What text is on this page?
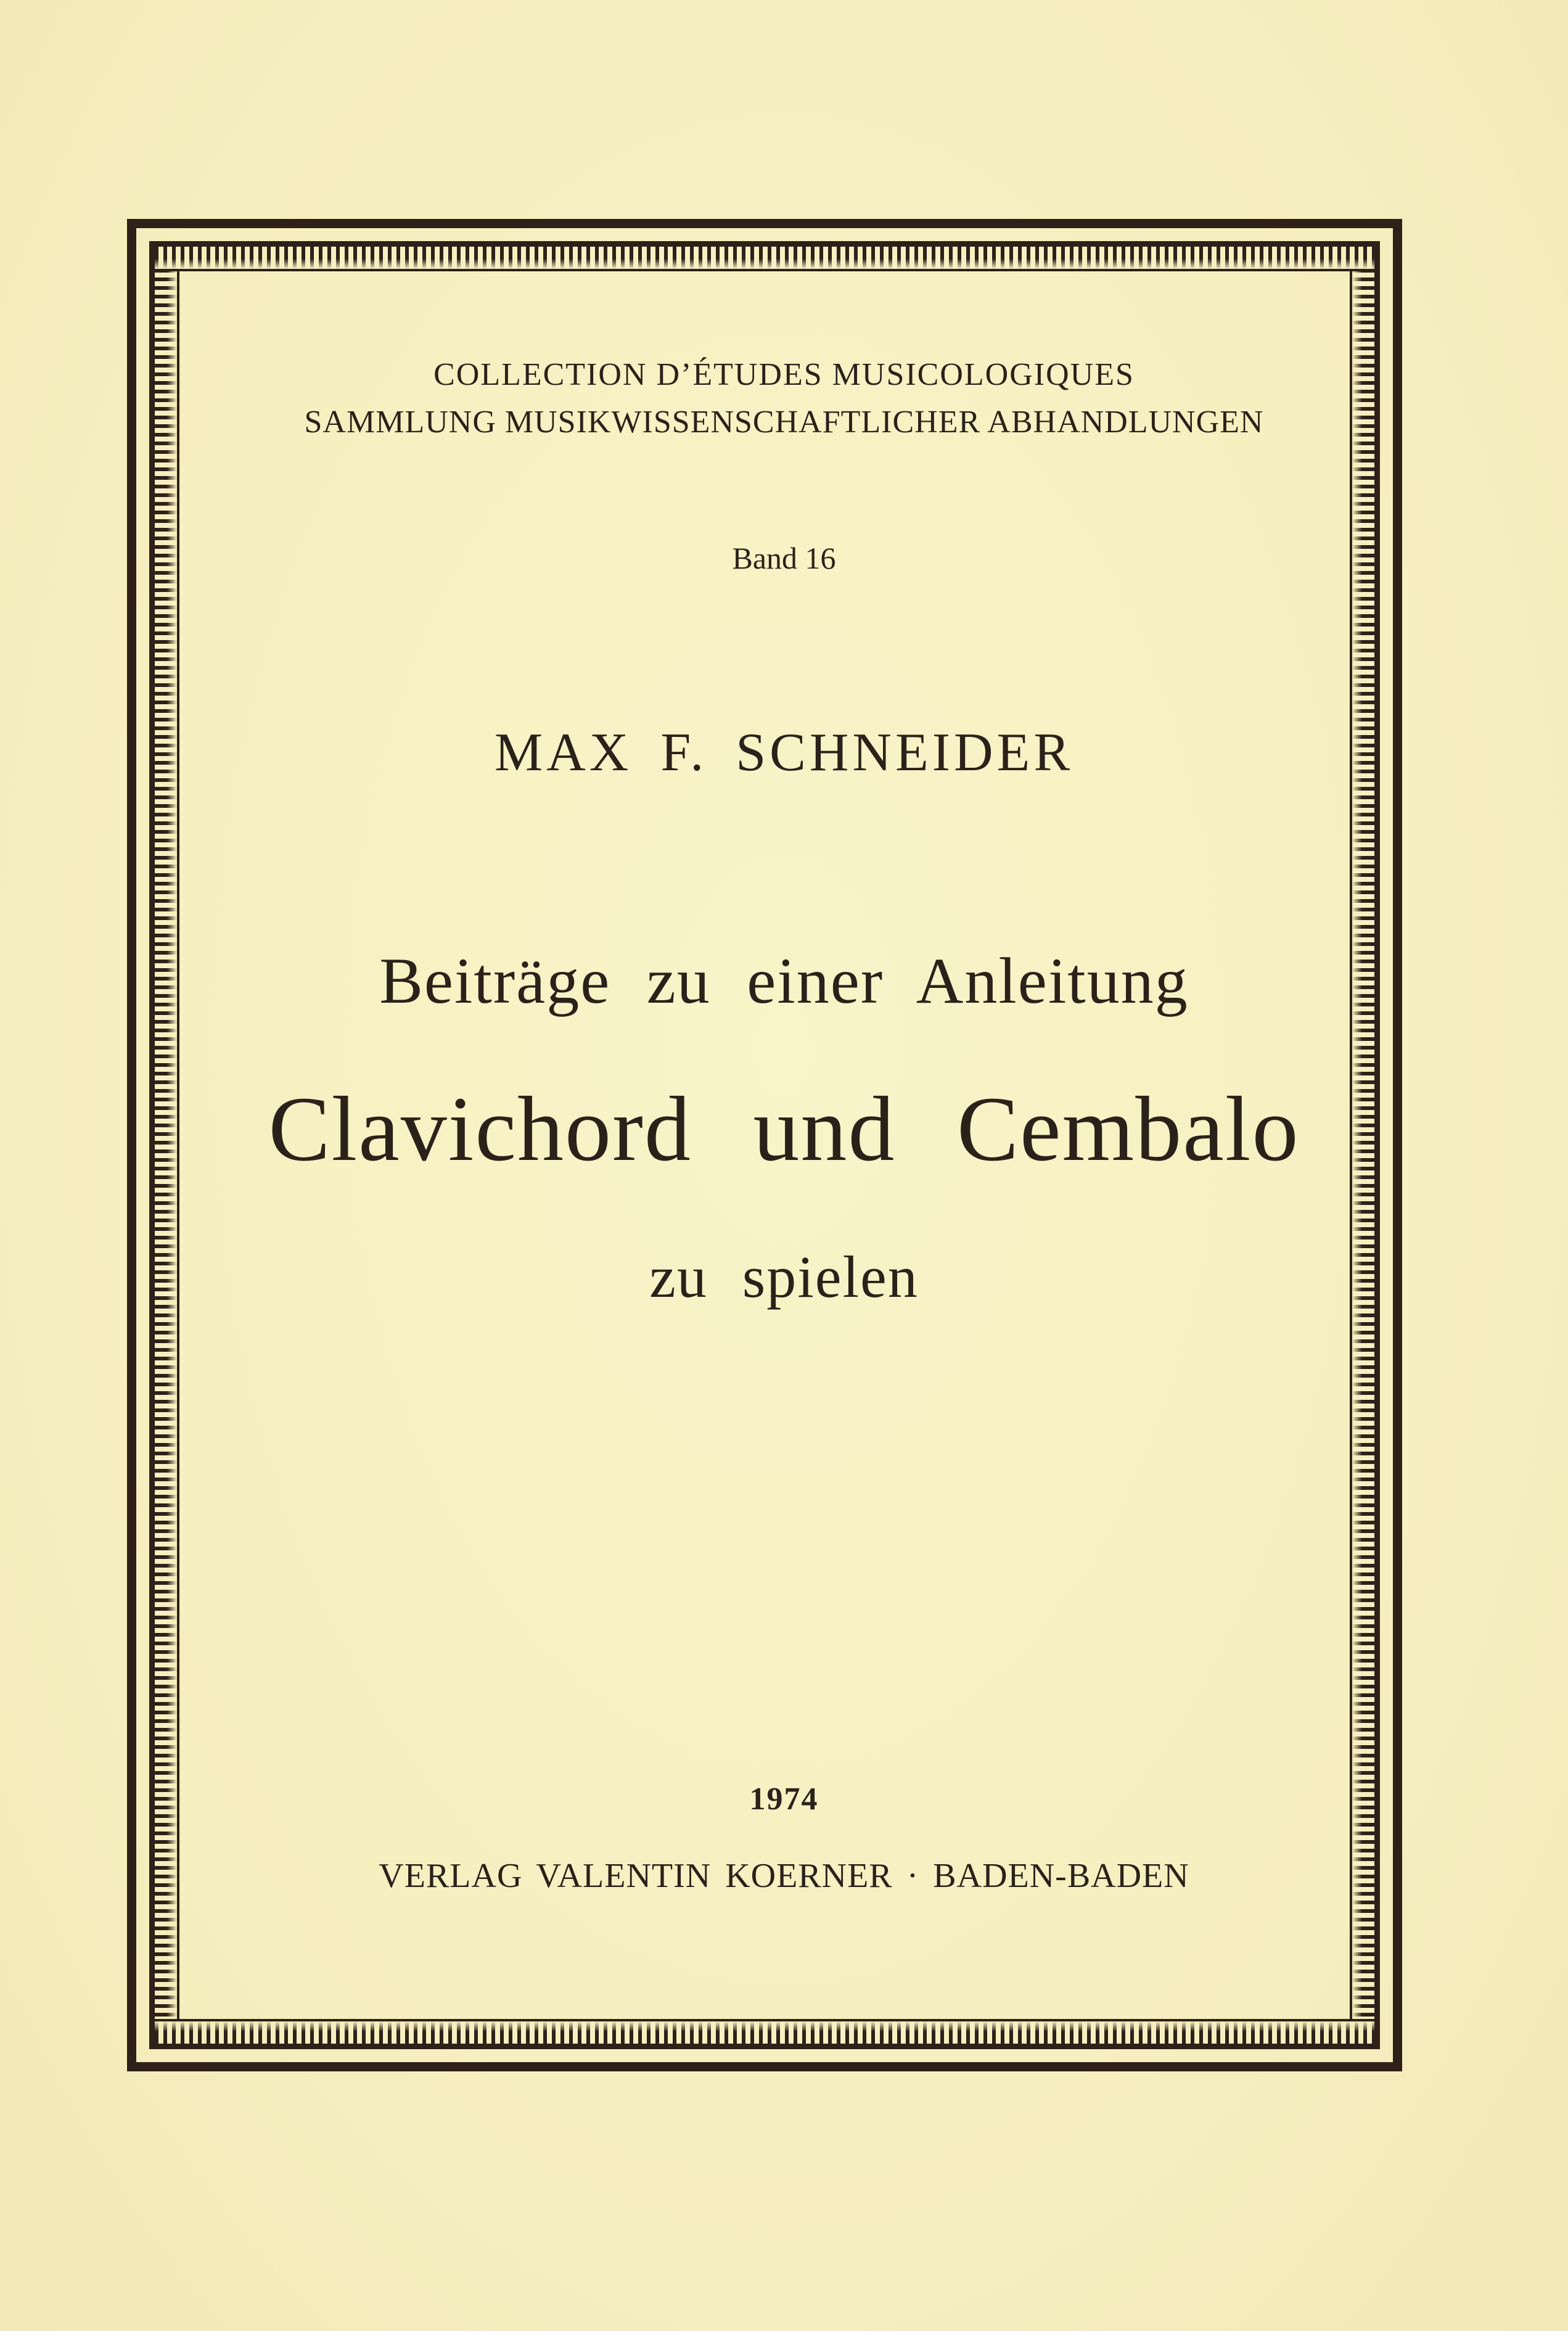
COLLECTION D’ÉTUDES MUSICOLOGIQUES
SAMMLUNG MUSIKWISSENSCHAFTLICHER ABHANDLUNGEN
Band 16
MAX F. SCHNEIDER
Beiträge zu einer Anleitung
Clavichord und Cembalo
zu spielen
1974
VERLAG VALENTIN KOERNER · BADEN-BADEN
